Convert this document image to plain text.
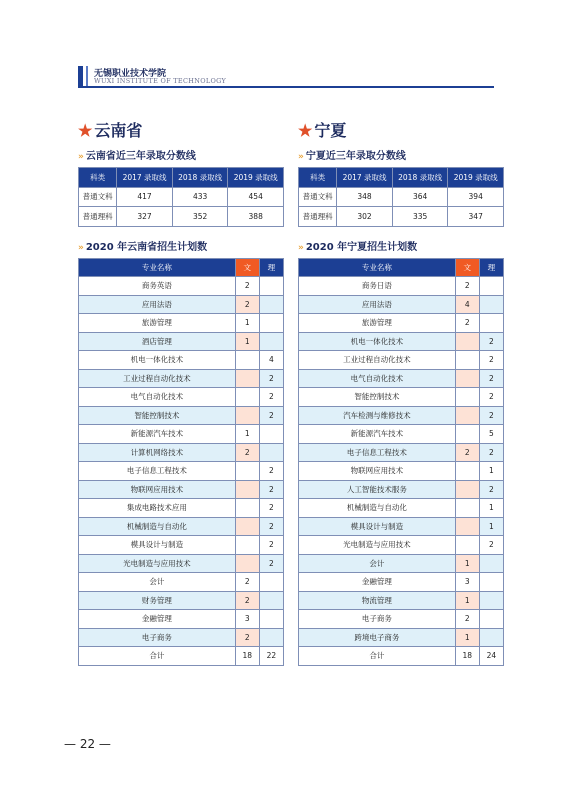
无锡职业技术学院
WUXI INSTITUTE OF TECHNOLOGY
★ 云南省
» 云南省近三年录取分数线
科类	2017 录取线	2018 录取线	2019 录取线
普通文科	417	433	454
普通理科	327	352	388
» 2020 年云南省招生计划数
专业名称	文	理
商务英语	2	
应用法语	2	
旅游管理	1	
酒店管理	1	
机电一体化技术		4
工业过程自动化技术		2
电气自动化技术		2
智能控制技术		2
新能源汽车技术	1	
计算机网络技术	2	
电子信息工程技术		2
物联网应用技术		2
集成电路技术应用		2
机械制造与自动化		2
模具设计与制造		2
光电制造与应用技术		2
会计	2	
财务管理	2	
金融管理	3	
电子商务	2	
合计	18	22
★ 宁夏
» 宁夏近三年录取分数线
科类	2017 录取线	2018 录取线	2019 录取线
普通文科	348	364	394
普通理科	302	335	347
» 2020 年宁夏招生计划数
专业名称	文	理
商务日语	2	
应用法语	4	
旅游管理	2	
机电一体化技术		2
工业过程自动化技术		2
电气自动化技术		2
智能控制技术		2
汽车检测与维修技术		2
新能源汽车技术		5
电子信息工程技术	2	2
物联网应用技术		1
人工智能技术服务		2
机械制造与自动化		1
模具设计与制造		1
光电制造与应用技术		2
会计	1	
金融管理	3	
物流管理	1	
电子商务	2	
跨境电子商务	1	
合计	18	24
— 22 —
